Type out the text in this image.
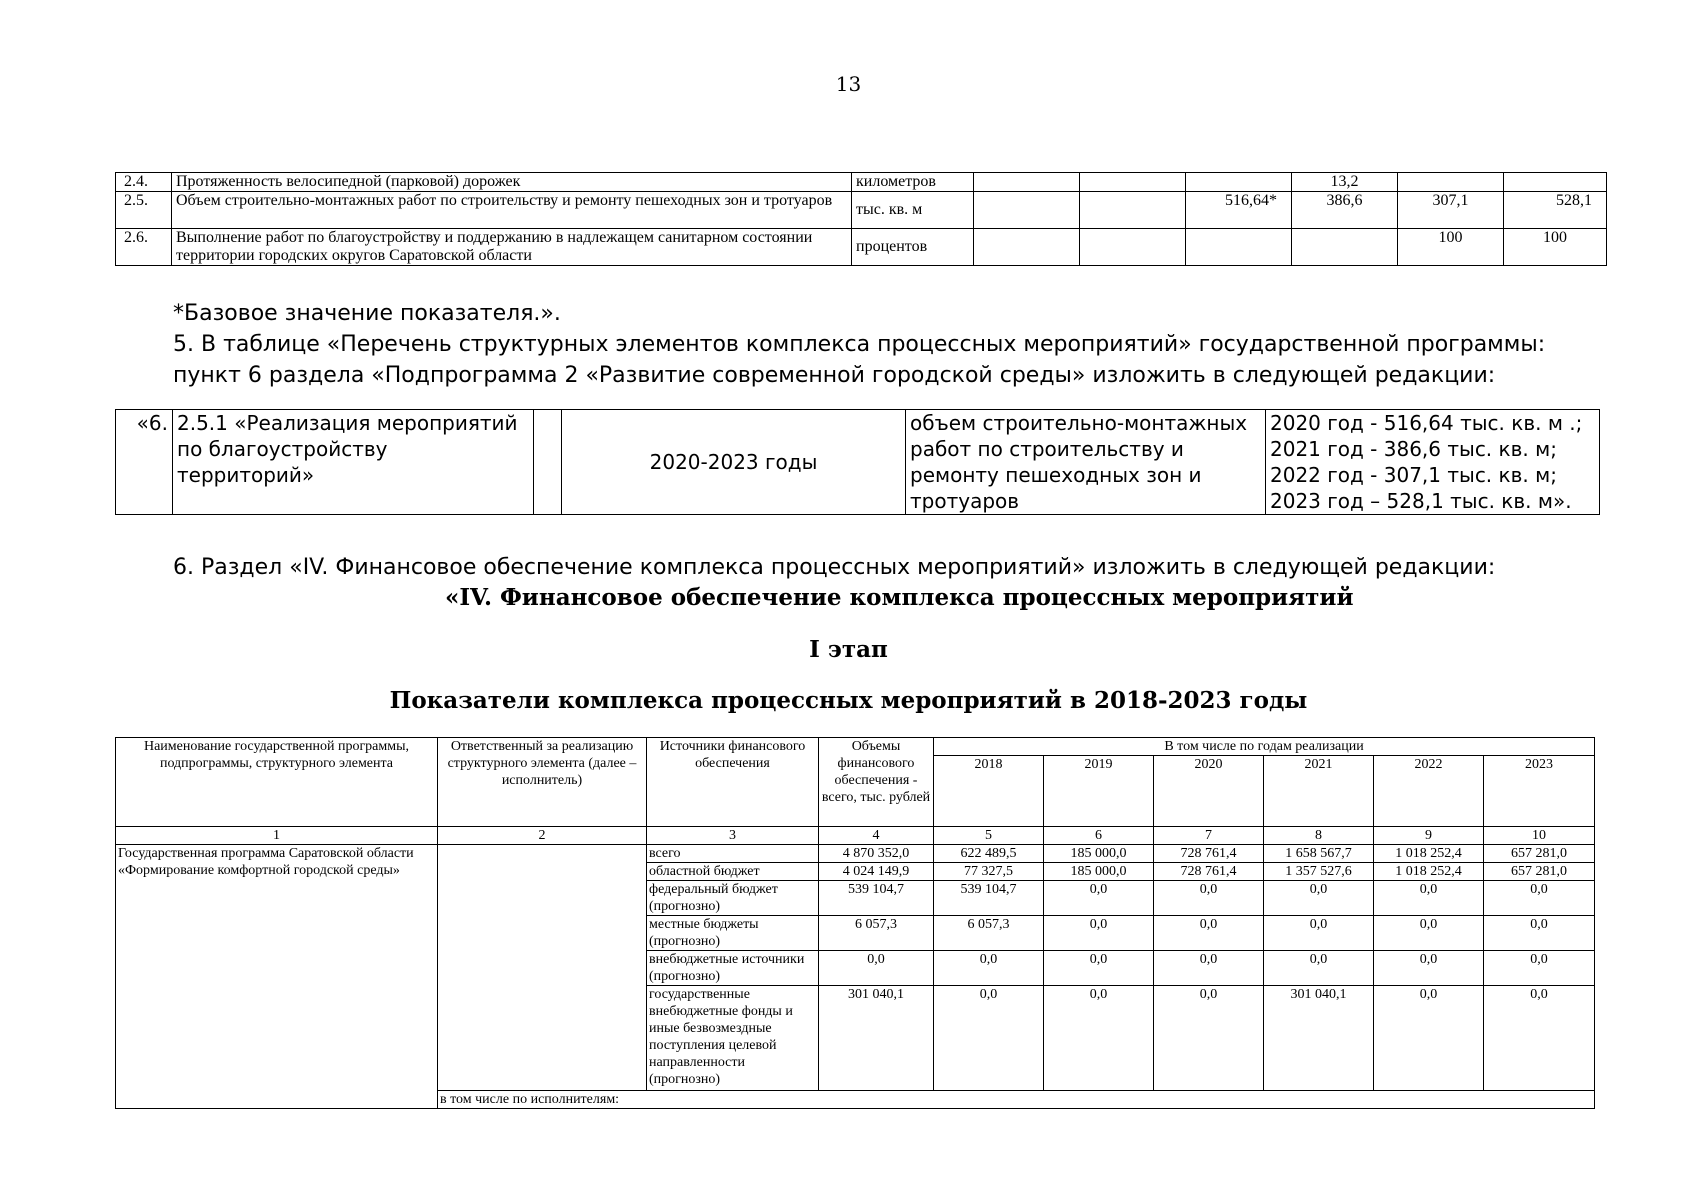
13
2.4.	Протяженность велосипедной (парковой) дорожек	километров				13,2		
2.5.	Объем строительно-монтажных работ по строительству и ремонту пешеходных зон и тротуаров	тыс. кв. м			516,64*	386,6	307,1	528,1
2.6.	Выполнение работ по благоустройству и поддержанию в надлежащем санитарном состоянии территории городских округов Саратовской области	процентов					100	100
*Базовое значение показателя.».
5. В таблице «Перечень структурных элементов комплекса процессных мероприятий» государственной программы:
пункт 6 раздела «Подпрограмма 2 «Развитие современной городской среды» изложить в следующей редакции:
«6.	2.5.1 «Реализация мероприятий по благоустройству территорий»		2020-2023 годы	объем строительно-монтажных работ по строительству и ремонту пешеходных зон и тротуаров	
2020 год - 516,64 тыс. кв. м .;
2021 год - 386,6 тыс. кв. м;
2022 год - 307,1 тыс. кв. м;
2023 год – 528,1 тыс. кв. м».
6. Раздел «IV. Финансовое обеспечение комплекса процессных мероприятий» изложить в следующей редакции:
«IV. Финансовое обеспечение комплекса процессных мероприятий
I этап
Показатели комплекса процессных мероприятий в 2018-2023 годы
Наименование государственной программы, подпрограммы, структурного элемента	Ответственный за реализацию структурного элемента (далее – исполнитель)	Источники финансового обеспечения	Объемы финансового обеспечения - всего, тыс. рублей	В том числе по годам реализации					
				2018	2019	2020	2021	2022	2023
1	2	3	4	5	6	7	8	9	10
Государственная программа Саратовской области «Формирование комфортной городской среды»		всего	4 870 352,0	622 489,5	185 000,0	728 761,4	1 658 567,7	1 018 252,4	657 281,0
		областной бюджет	4 024 149,9	77 327,5	185 000,0	728 761,4	1 357 527,6	1 018 252,4	657 281,0
		федеральный бюджет (прогнозно)	539 104,7	539 104,7	0,0	0,0	0,0	0,0	0,0
		местные бюджеты (прогнозно)	6 057,3	6 057,3	0,0	0,0	0,0	0,0	0,0
		внебюджетные источники (прогнозно)	0,0	0,0	0,0	0,0	0,0	0,0	0,0
		государственные внебюджетные фонды и иные безвозмездные поступления целевой направленности (прогнозно)	301 040,1	0,0	0,0	0,0	301 040,1	0,0	0,0
	в том числе по исполнителям:								
